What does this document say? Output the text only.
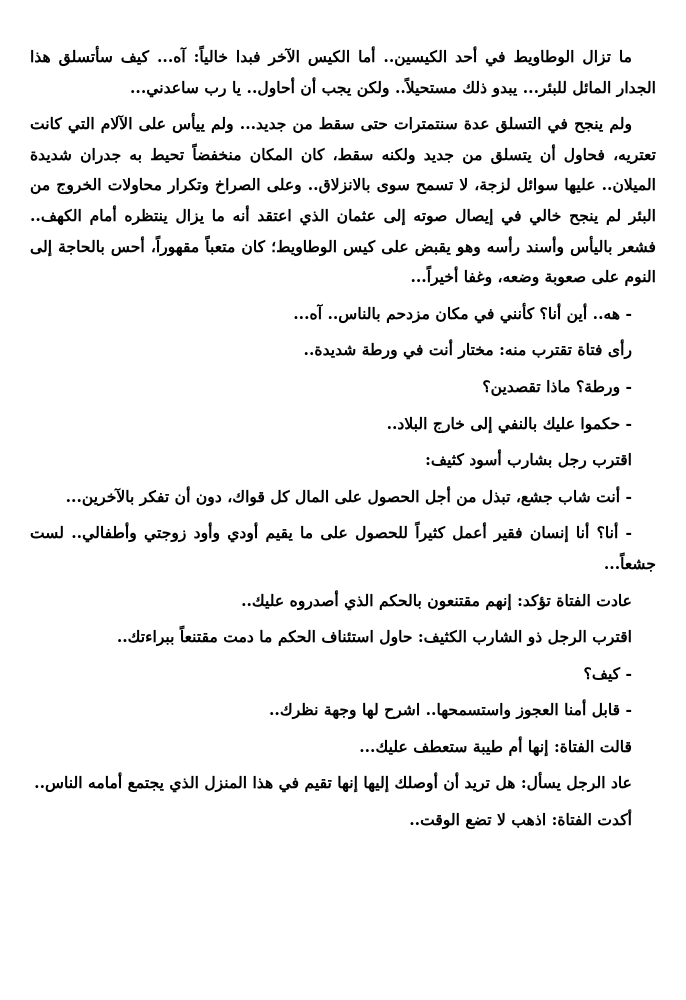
ما تزال الوطاويط في أحد الكيسين.. أما الكيس الآخر فبدا خالياً: آه... كيف سأتسلق هذا الجدار المائل للبئر... يبدو ذلك مستحيلاً.. ولكن يجب أن أحاول.. يا رب ساعدني...

ولم ينجح في التسلق عدة سنتمترات حتى سقط من جديد... ولم ييأس على الآلام التي كانت تعتريه، فحاول أن يتسلق من جديد ولكنه سقط، كان المكان منخفضاً تحيط به جدران شديدة الميلان.. عليها سوائل لزجة، لا تسمح سوى بالانزلاق.. وعلى الصراخ وتكرار محاولات الخروج من البئر لم ينجح خالي في إيصال صوته إلى عثمان الذي اعتقد أنه ما يزال ينتظره أمام الكهف.. فشعر باليأس وأسند رأسه وهو يقبض على كيس الوطاويط؛ كان متعباً مقهوراً، أحس بالحاجة إلى النوم على صعوبة وضعه، وغفا أخيراً...

- هه.. أين أنا؟ كأنني في مكان مزدحم بالناس.. آه...

رأى فتاة تقترب منه: مختار أنت في ورطة شديدة..

- ورطة؟ ماذا تقصدين؟

- حكموا عليك بالنفي إلى خارج البلاد..

اقترب رجل بشارب أسود كثيف:

- أنت شاب جشع، تبذل من أجل الحصول على المال كل قواك، دون أن تفكر بالآخرين...

- أنا؟ أنا إنسان فقير أعمل كثيراً للحصول على ما يقيم أودي وأود زوجتي وأطفالي.. لست جشعاً...

عادت الفتاة تؤكد: إنهم مقتنعون بالحكم الذي أصدروه عليك..

اقترب الرجل ذو الشارب الكثيف: حاول استئناف الحكم ما دمت مقتنعاً ببراءتك..

- كيف؟

- قابل أمنا العجوز واستسمحها.. اشرح لها وجهة نظرك..

قالت الفتاة: إنها أم طيبة ستعطف عليك...

عاد الرجل يسأل: هل تريد أن أوصلك إليها إنها تقيم في هذا المنزل الذي يجتمع أمامه الناس..

أكدت الفتاة: اذهب لا تضع الوقت..
